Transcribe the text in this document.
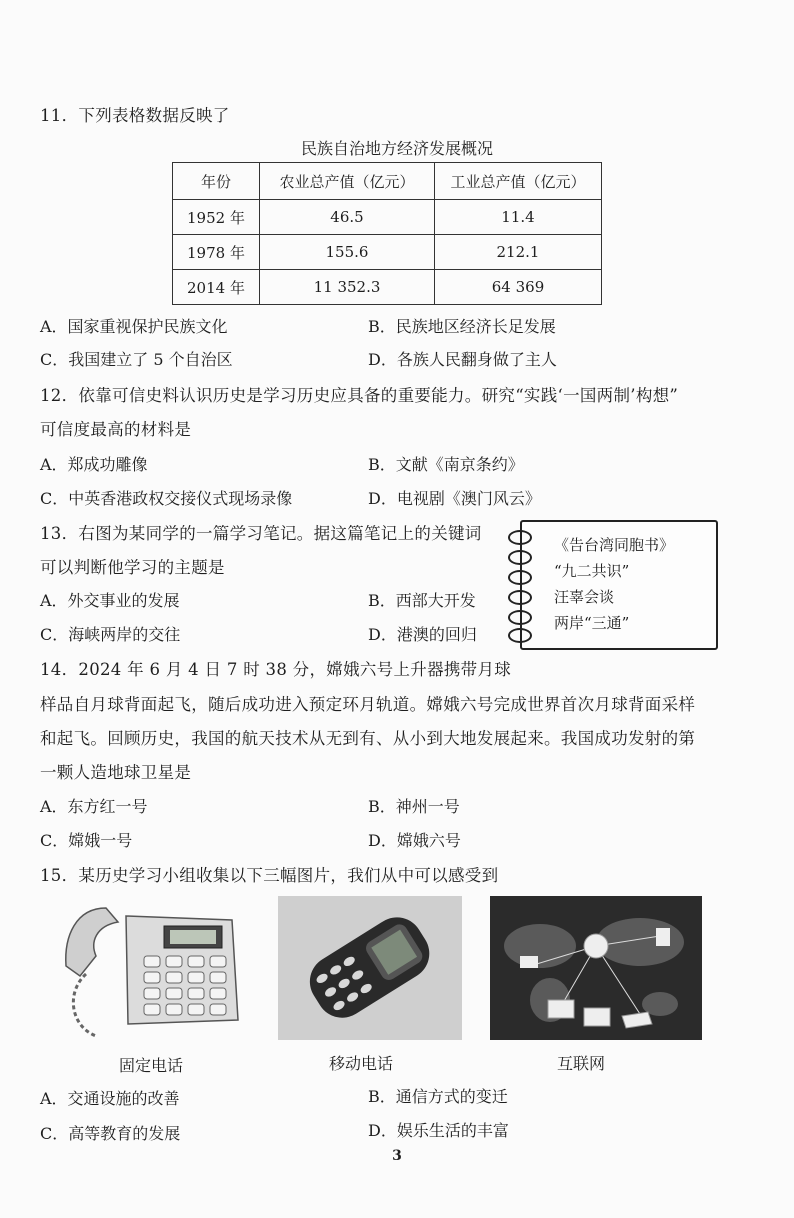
11．下列表格数据反映了
民族自治地方经济发展概况
年份	农业总产值（亿元）	工业总产值（亿元）
1952 年	46.5	11.4
1978 年	155.6	212.1
2014 年	11 352.3	64 369
A．国家重视保护民族文化	B．民族地区经济长足发展
C．我国建立了 5 个自治区	D．各族人民翻身做了主人
12．依靠可信史料认识历史是学习历史应具备的重要能力。研究“实践‘一国两制’构想”
可信度最高的材料是
A．郑成功雕像	B．文献《南京条约》
C．中英香港政权交接仪式现场录像	D．电视剧《澳门风云》
13．右图为某同学的一篇学习笔记。据这篇笔记上的关键词
可以判断他学习的主题是
A．外交事业的发展	B．西部大开发
C．海峡两岸的交往	D．港澳的回归
《告台湾同胞书》
“九二共识”
汪辜会谈
两岸“三通”
14．2024 年 6 月 4 日 7 时 38 分，嫦娥六号上升器携带月球
样品自月球背面起飞，随后成功进入预定环月轨道。嫦娥六号完成世界首次月球背面采样
和起飞。回顾历史，我国的航天技术从无到有、从小到大地发展起来。我国成功发射的第
一颗人造地球卫星是
A．东方红一号	B．神州一号
C．嫦娥一号	D．嫦娥六号
15．某历史学习小组收集以下三幅图片，我们从中可以感受到
固定电话	移动电话	互联网
A．交通设施的改善	B．通信方式的变迁
C．高等教育的发展	D．娱乐生活的丰富
3
